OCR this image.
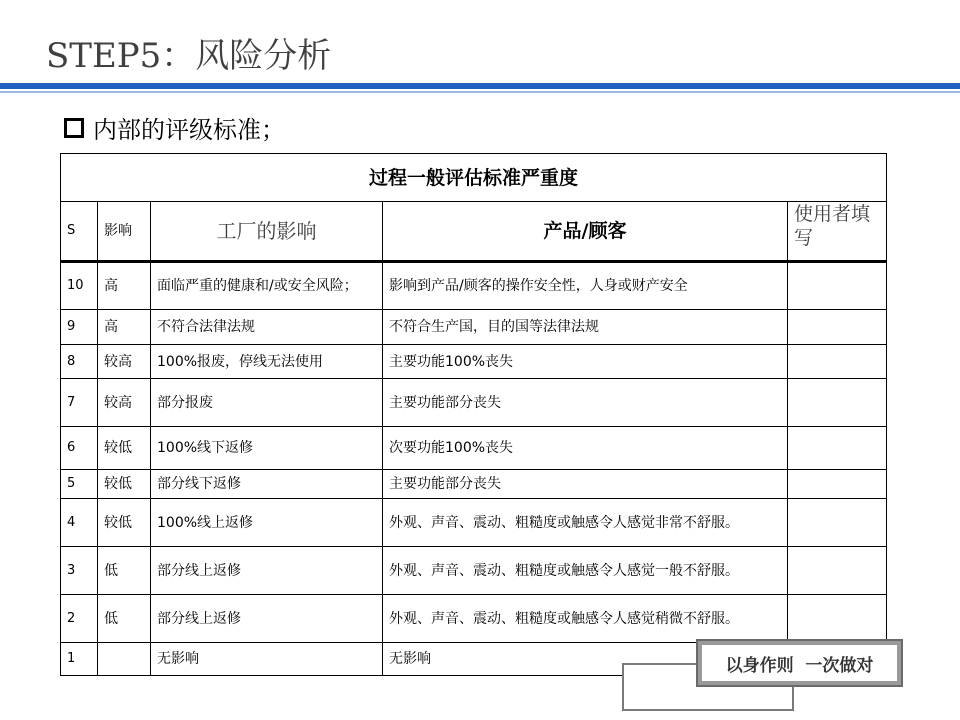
STEP5：风险分析
内部的评级标准；
过程一般评估标准严重度				
S	影响	工厂的影响	产品/顾客	使用者填写
10	高	面临严重的健康和/或安全风险；	影响到产品/顾客的操作安全性，人身或财产安全	
9	高	不符合法律法规	不符合生产国，目的国等法律法规	
8	较高	100%报废，停线无法使用	主要功能100%丧失	
7	较高	部分报废	主要功能部分丧失	
6	较低	100%线下返修	次要功能100%丧失	
5	较低	部分线下返修	主要功能部分丧失	
4	较低	100%线上返修	外观、声音、震动、粗糙度或触感令人感觉非常不舒服。	
3	低	部分线上返修	外观、声音、震动、粗糙度或触感令人感觉一般不舒服。	
2	低	部分线上返修	外观、声音、震动、粗糙度或触感令人感觉稍微不舒服。	
1		无影响	无影响		以身作则  一次做对
